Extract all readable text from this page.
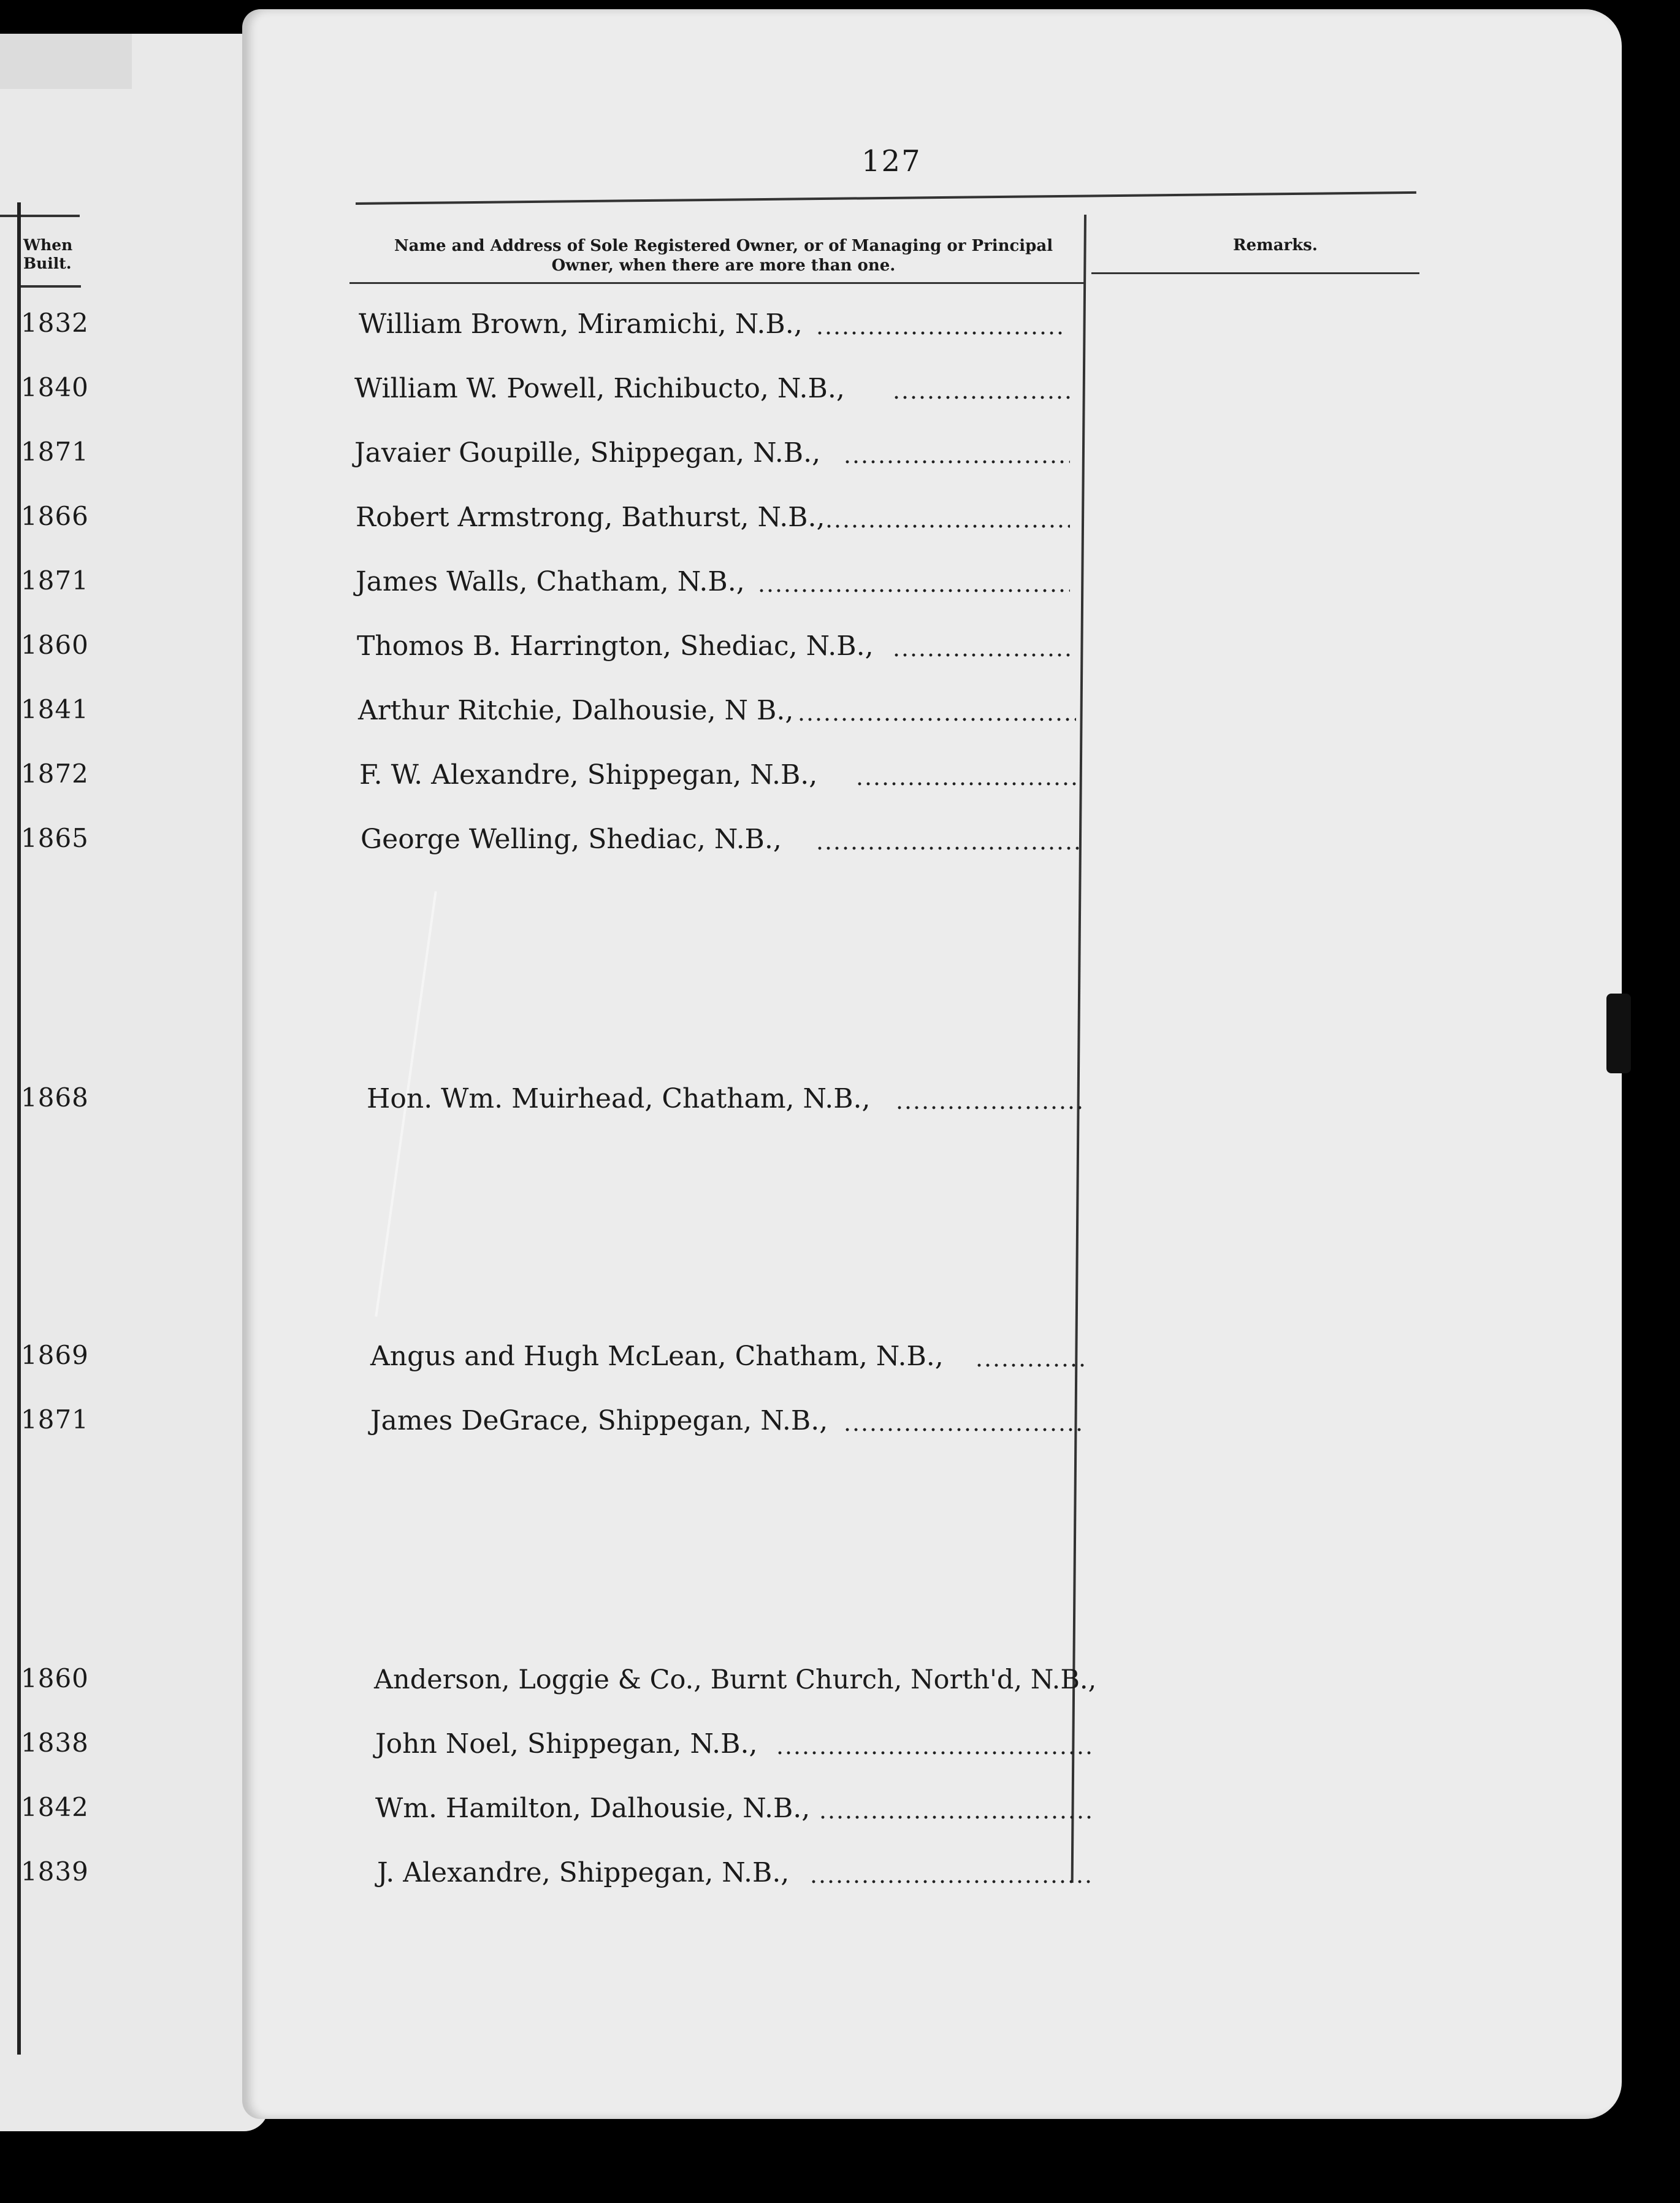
When Built.
1832
1840
1871
1866
1871
1860
1841
1872
1865
1868
1869
1871
1860
1838
1842
1839
127
Name and Address of Sole Registered Owner, or of Managing or Principal Owner, when there are more than one.
Remarks.
William Brown, Miramichi, N.B.,
William W. Powell, Richibucto, N.B.,
Javaier Goupille, Shippegan, N.B.,
Robert Armstrong, Bathurst, N.B.,
James Walls, Chatham, N.B.,
Thomos B. Harrington, Shediac, N.B.,
Arthur Ritchie, Dalhousie, N B.,
F. W. Alexandre, Shippegan, N.B.,
George Welling, Shediac, N.B.,
Hon. Wm. Muirhead, Chatham, N.B.,
Angus and Hugh McLean, Chatham, N.B.,
James DeGrace, Shippegan, N.B.,
Anderson, Loggie & Co., Burnt Church, North'd, N.B.,
John Noel, Shippegan, N.B.,
Wm. Hamilton, Dalhousie, N.B.,
J. Alexandre, Shippegan, N.B.,
